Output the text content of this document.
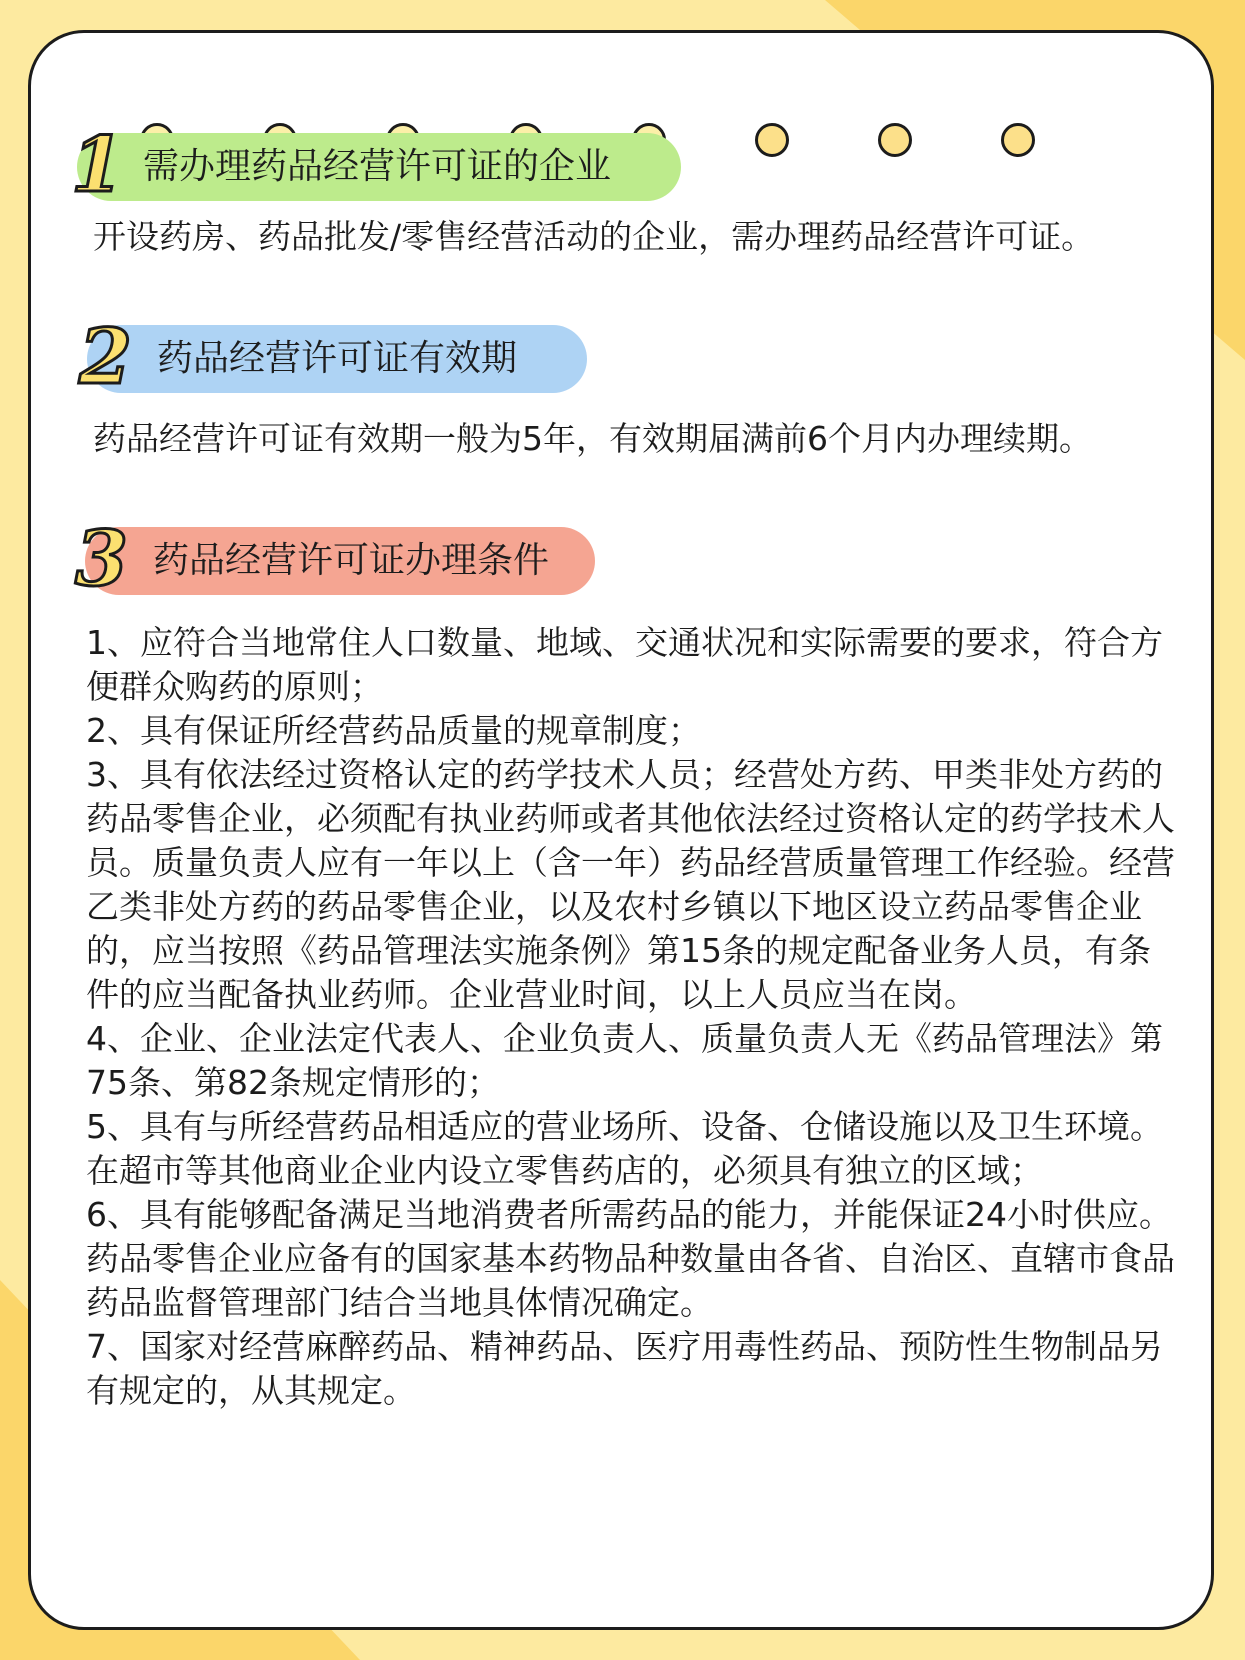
1 需办理药品经营许可证的企业

开设药房、药品批发/零售经营活动的企业，需办理药品经营许可证。

2 药品经营许可证有效期

药品经营许可证有效期一般为5年，有效期届满前6个月内办理续期。

3 药品经营许可证办理条件
1、应符合当地常住人口数量、地域、交通状况和实际需要的要求，符合方便群众购药的原则；
2、具有保证所经营药品质量的规章制度；
3、具有依法经过资格认定的药学技术人员；经营处方药、甲类非处方药的药品零售企业，必须配有执业药师或者其他依法经过资格认定的药学技术人员。质量负责人应有一年以上（含一年）药品经营质量管理工作经验。经营乙类非处方药的药品零售企业，以及农村乡镇以下地区设立药品零售企业的，应当按照《药品管理法实施条例》第15条的规定配备业务人员，有条件的应当配备执业药师。企业营业时间，以上人员应当在岗。
4、企业、企业法定代表人、企业负责人、质量负责人无《药品管理法》第75条、第82条规定情形的；
5、具有与所经营药品相适应的营业场所、设备、仓储设施以及卫生环境。在超市等其他商业企业内设立零售药店的，必须具有独立的区域；
6、具有能够配备满足当地消费者所需药品的能力，并能保证24小时供应。药品零售企业应备有的国家基本药物品种数量由各省、自治区、直辖市食品药品监督管理部门结合当地具体情况确定。
7、国家对经营麻醉药品、精神药品、医疗用毒性药品、预防性生物制品另有规定的，从其规定。
